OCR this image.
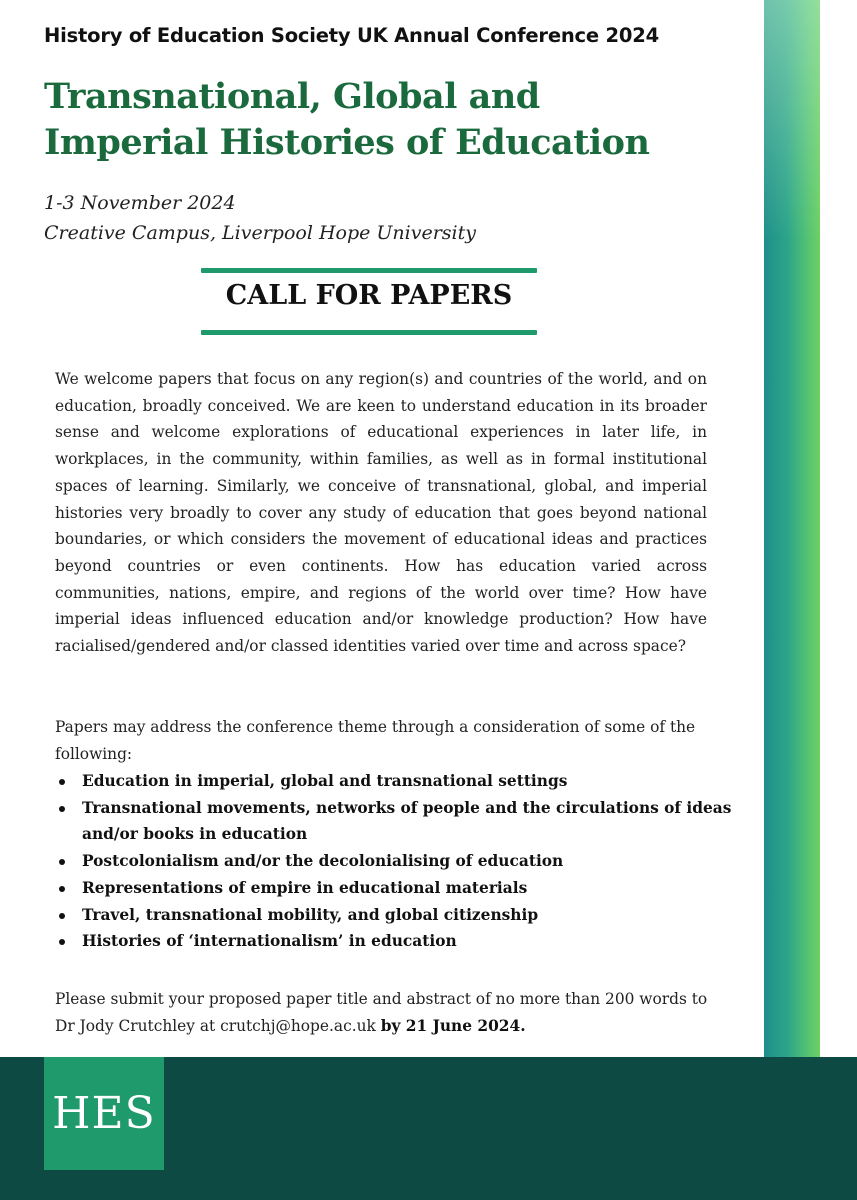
History of Education Society UK Annual Conference 2024
Transnational, Global and
Imperial Histories of Education
1-3 November 2024
Creative Campus, Liverpool Hope University
CALL FOR PAPERS

We welcome papers that focus on any region(s) and countries of the world, and on education, broadly conceived. We are keen to understand education in its broader sense and welcome explorations of educational experiences in later life, in workplaces, in the community, within families, as well as in formal institutional spaces of learning. Similarly, we conceive of transnational, global, and imperial histories very broadly to cover any study of education that goes beyond national boundaries, or which considers the movement of educational ideas and practices beyond countries or even continents. How has education varied across communities, nations, empire, and regions of the world over time? How have imperial ideas influenced education and/or knowledge production? How have racialised/gendered and/or classed identities varied over time and across space?

Papers may address the conference theme through a consideration of some of the following:

Education in imperial, global and transnational settings
Transnational movements, networks of people and the circulations of ideas and/or books in education
Postcolonialism and/or the decolonialising of education
Representations of empire in educational materials
Travel, transnational mobility, and global citizenship
Histories of ‘internationalism’ in education

Please submit your proposed paper title and abstract of no more than 200 words to Dr Jody Crutchley at crutchj@hope.ac.uk by 21 June 2024.

HES
